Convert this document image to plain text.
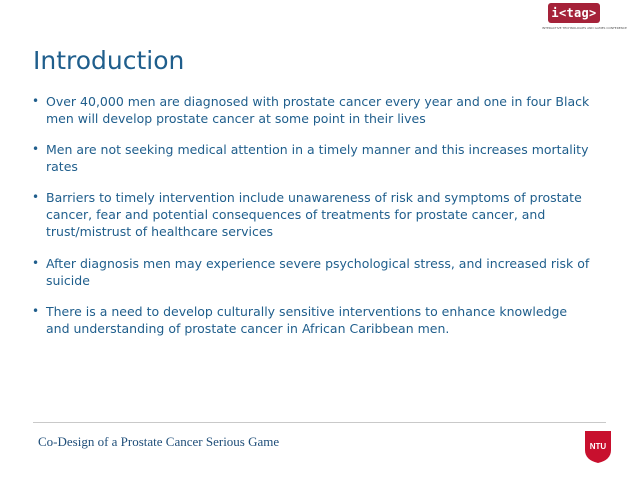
i<tag>
INTERACTIVE TECHNOLOGIES AND GAMES CONFERENCE
Introduction
• Over 40,000 men are diagnosed with prostate cancer every year and one in four Black men will develop prostate cancer at some point in their lives
• Men are not seeking medical attention in a timely manner and this increases mortality rates
• Barriers to timely intervention include unawareness of risk and symptoms of prostate cancer, fear and potential consequences of treatments for prostate cancer, and trust/mistrust of healthcare services
• After diagnosis men may experience severe psychological stress, and increased risk of suicide
• There is a need to develop culturally sensitive interventions to enhance knowledge and understanding of prostate cancer in African Caribbean men.
Co-Design of a Prostate Cancer Serious Game	NTU
